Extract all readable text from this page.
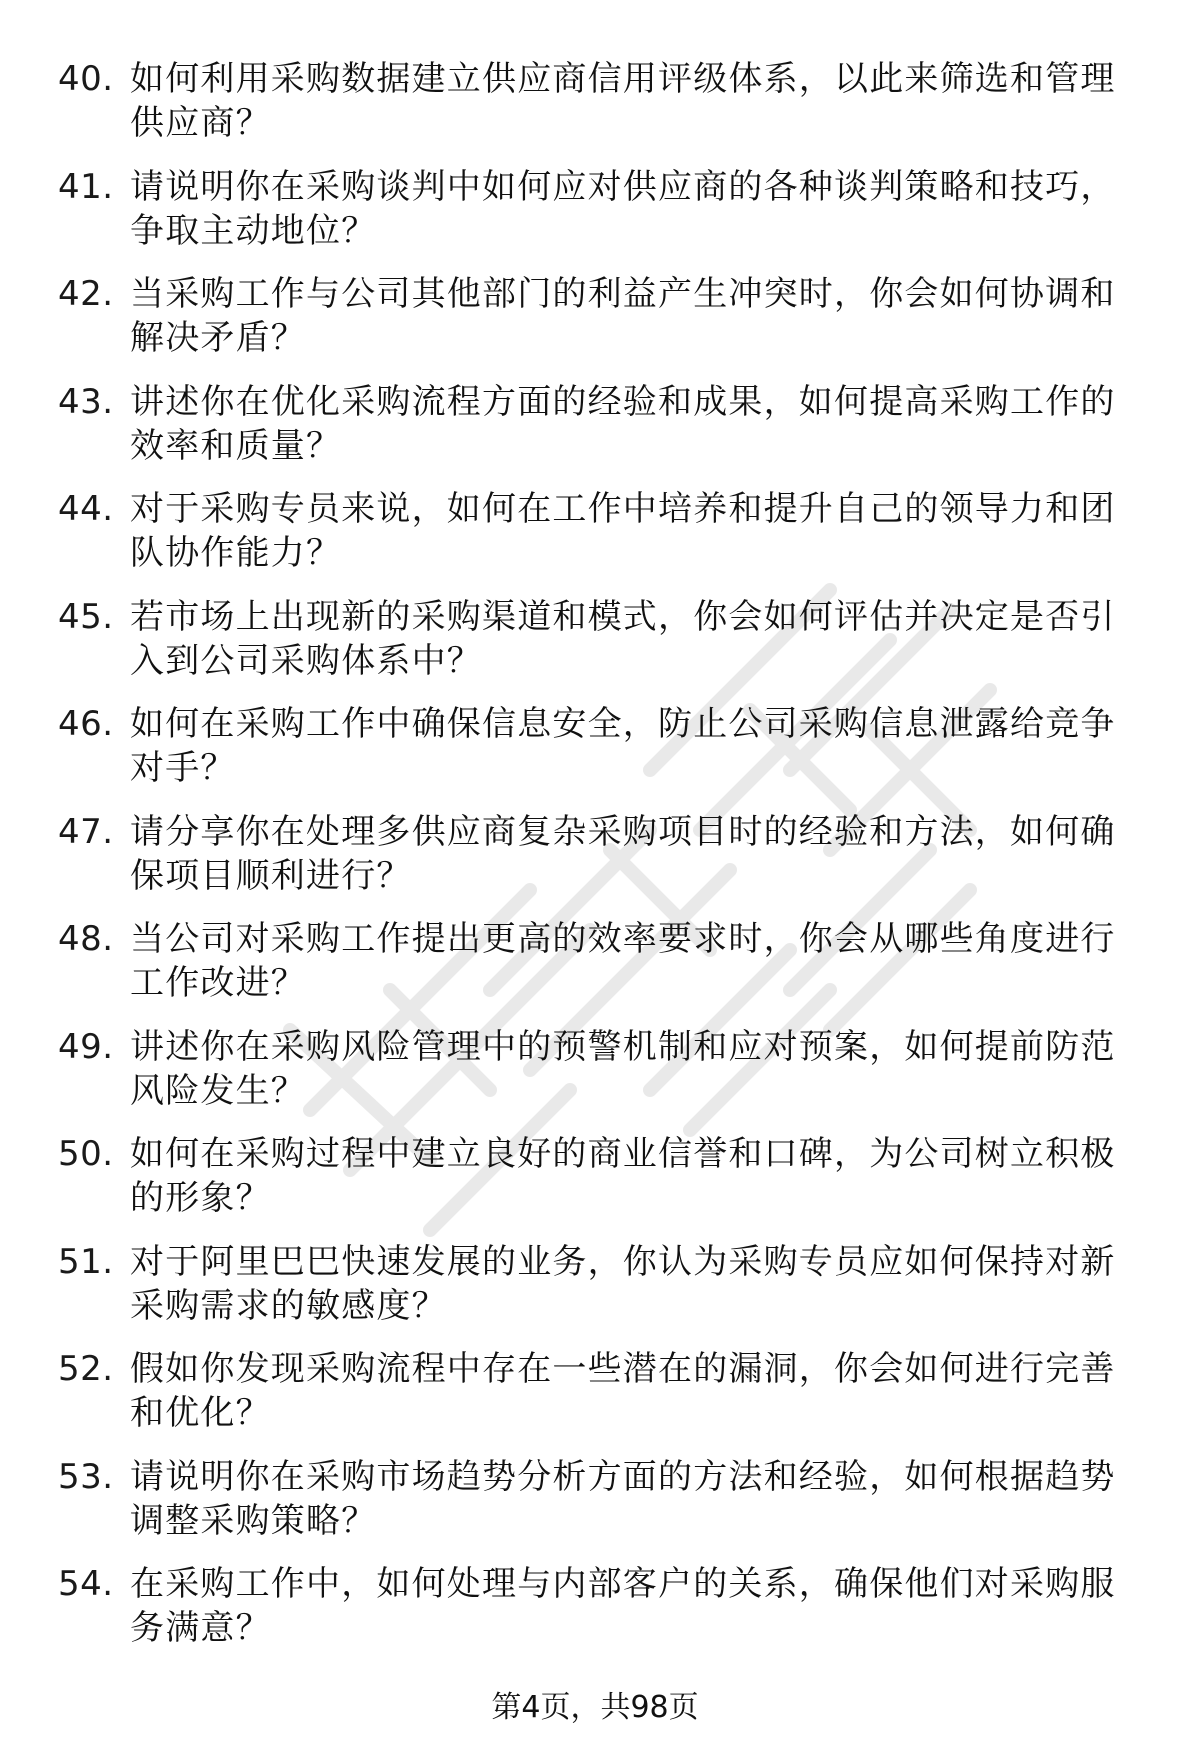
40. 如何利用采购数据建立供应商信用评级体系，以此来筛选和管理
供应商？
41. 请说明你在采购谈判中如何应对供应商的各种谈判策略和技巧，
争取主动地位？
42. 当采购工作与公司其他部门的利益产生冲突时，你会如何协调和
解决矛盾？
43. 讲述你在优化采购流程方面的经验和成果，如何提高采购工作的
效率和质量？
44. 对于采购专员来说，如何在工作中培养和提升自己的领导力和团
队协作能力？
45. 若市场上出现新的采购渠道和模式，你会如何评估并决定是否引
入到公司采购体系中？
46. 如何在采购工作中确保信息安全，防止公司采购信息泄露给竞争
对手？
47. 请分享你在处理多供应商复杂采购项目时的经验和方法，如何确
保项目顺利进行？
48. 当公司对采购工作提出更高的效率要求时，你会从哪些角度进行
工作改进？
49. 讲述你在采购风险管理中的预警机制和应对预案，如何提前防范
风险发生？
50. 如何在采购过程中建立良好的商业信誉和口碑，为公司树立积极
的形象？
51. 对于阿里巴巴快速发展的业务，你认为采购专员应如何保持对新
采购需求的敏感度？
52. 假如你发现采购流程中存在一些潜在的漏洞，你会如何进行完善
和优化？
53. 请说明你在采购市场趋势分析方面的方法和经验，如何根据趋势
调整采购策略？
54. 在采购工作中，如何处理与内部客户的关系，确保他们对采购服
务满意？
第4页，共98页
